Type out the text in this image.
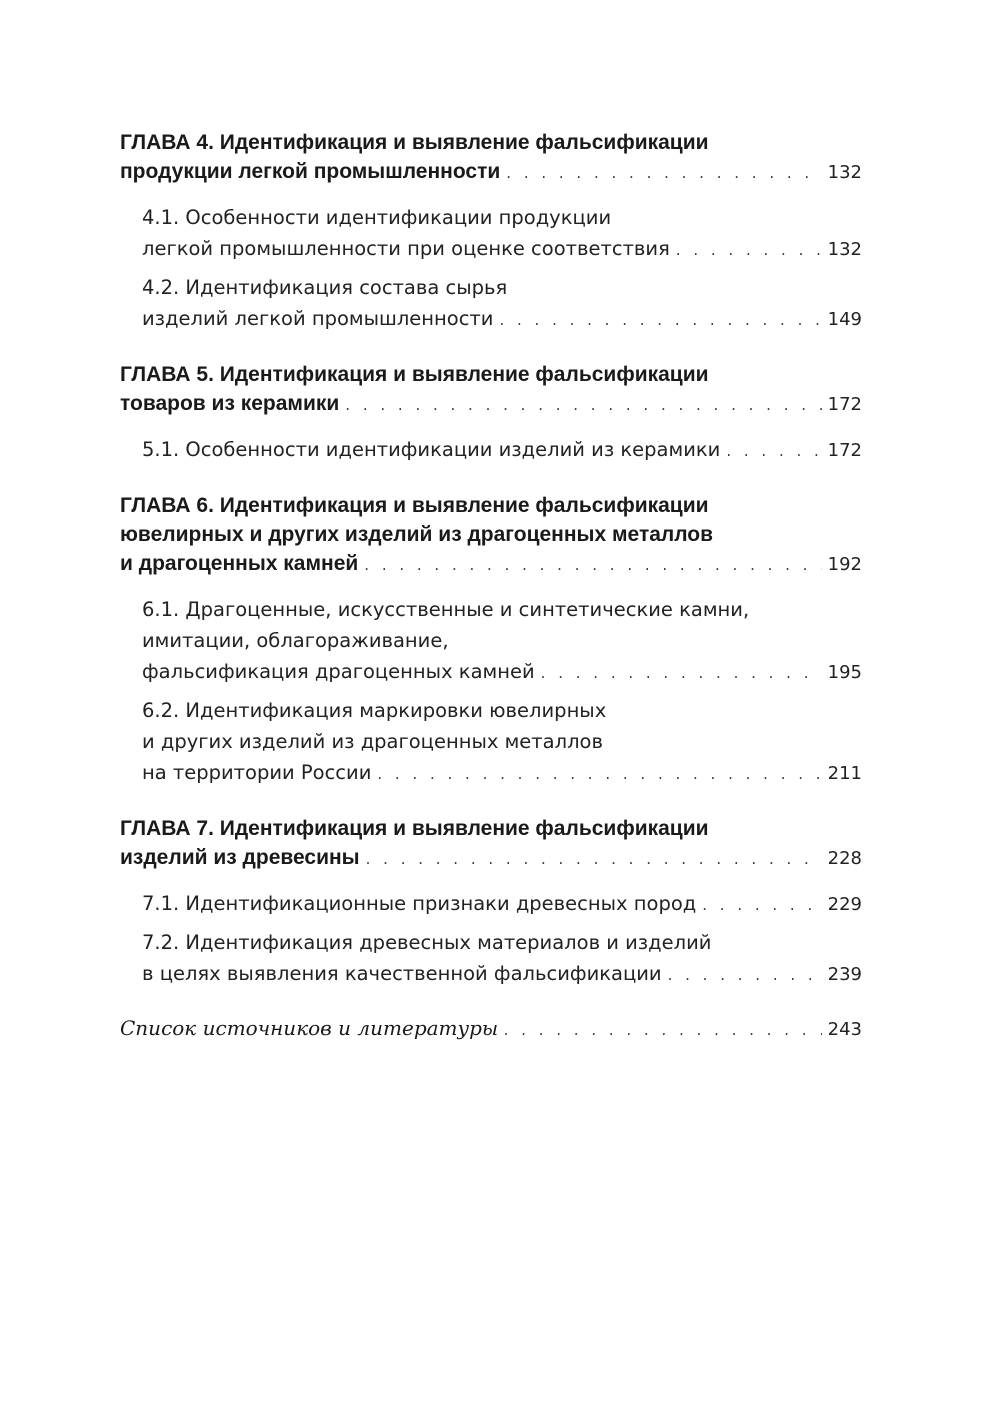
ГЛАВА 4. Идентификация и выявление фальсификации
продукции легкой промышленности . . .	132
4.1. Особенности идентификации продукции
легкой промышленности при оценке соответствия . . .	132
4.2. Идентификация состава сырья
изделий легкой промышленности . . .	149
ГЛАВА 5. Идентификация и выявление фальсификации
товаров из керамики . . .	172
5.1. Особенности идентификации изделий из керамики . . .	172
ГЛАВА 6. Идентификация и выявление фальсификации
ювелирных и других изделий из драгоценных металлов
и драгоценных камней . . .	192
6.1. Драгоценные, искусственные и синтетические камни,
имитации, облагораживание,
фальсификация драгоценных камней . . .	195
6.2. Идентификация маркировки ювелирных
и других изделий из драгоценных металлов
на территории России . . .	211
ГЛАВА 7. Идентификация и выявление фальсификации
изделий из древесины . . .	228
7.1. Идентификационные признаки древесных пород . . .	229
7.2. Идентификация древесных материалов и изделий
в целях выявления качественной фальсификации . . .	239
Список источников и литературы . . .	243
